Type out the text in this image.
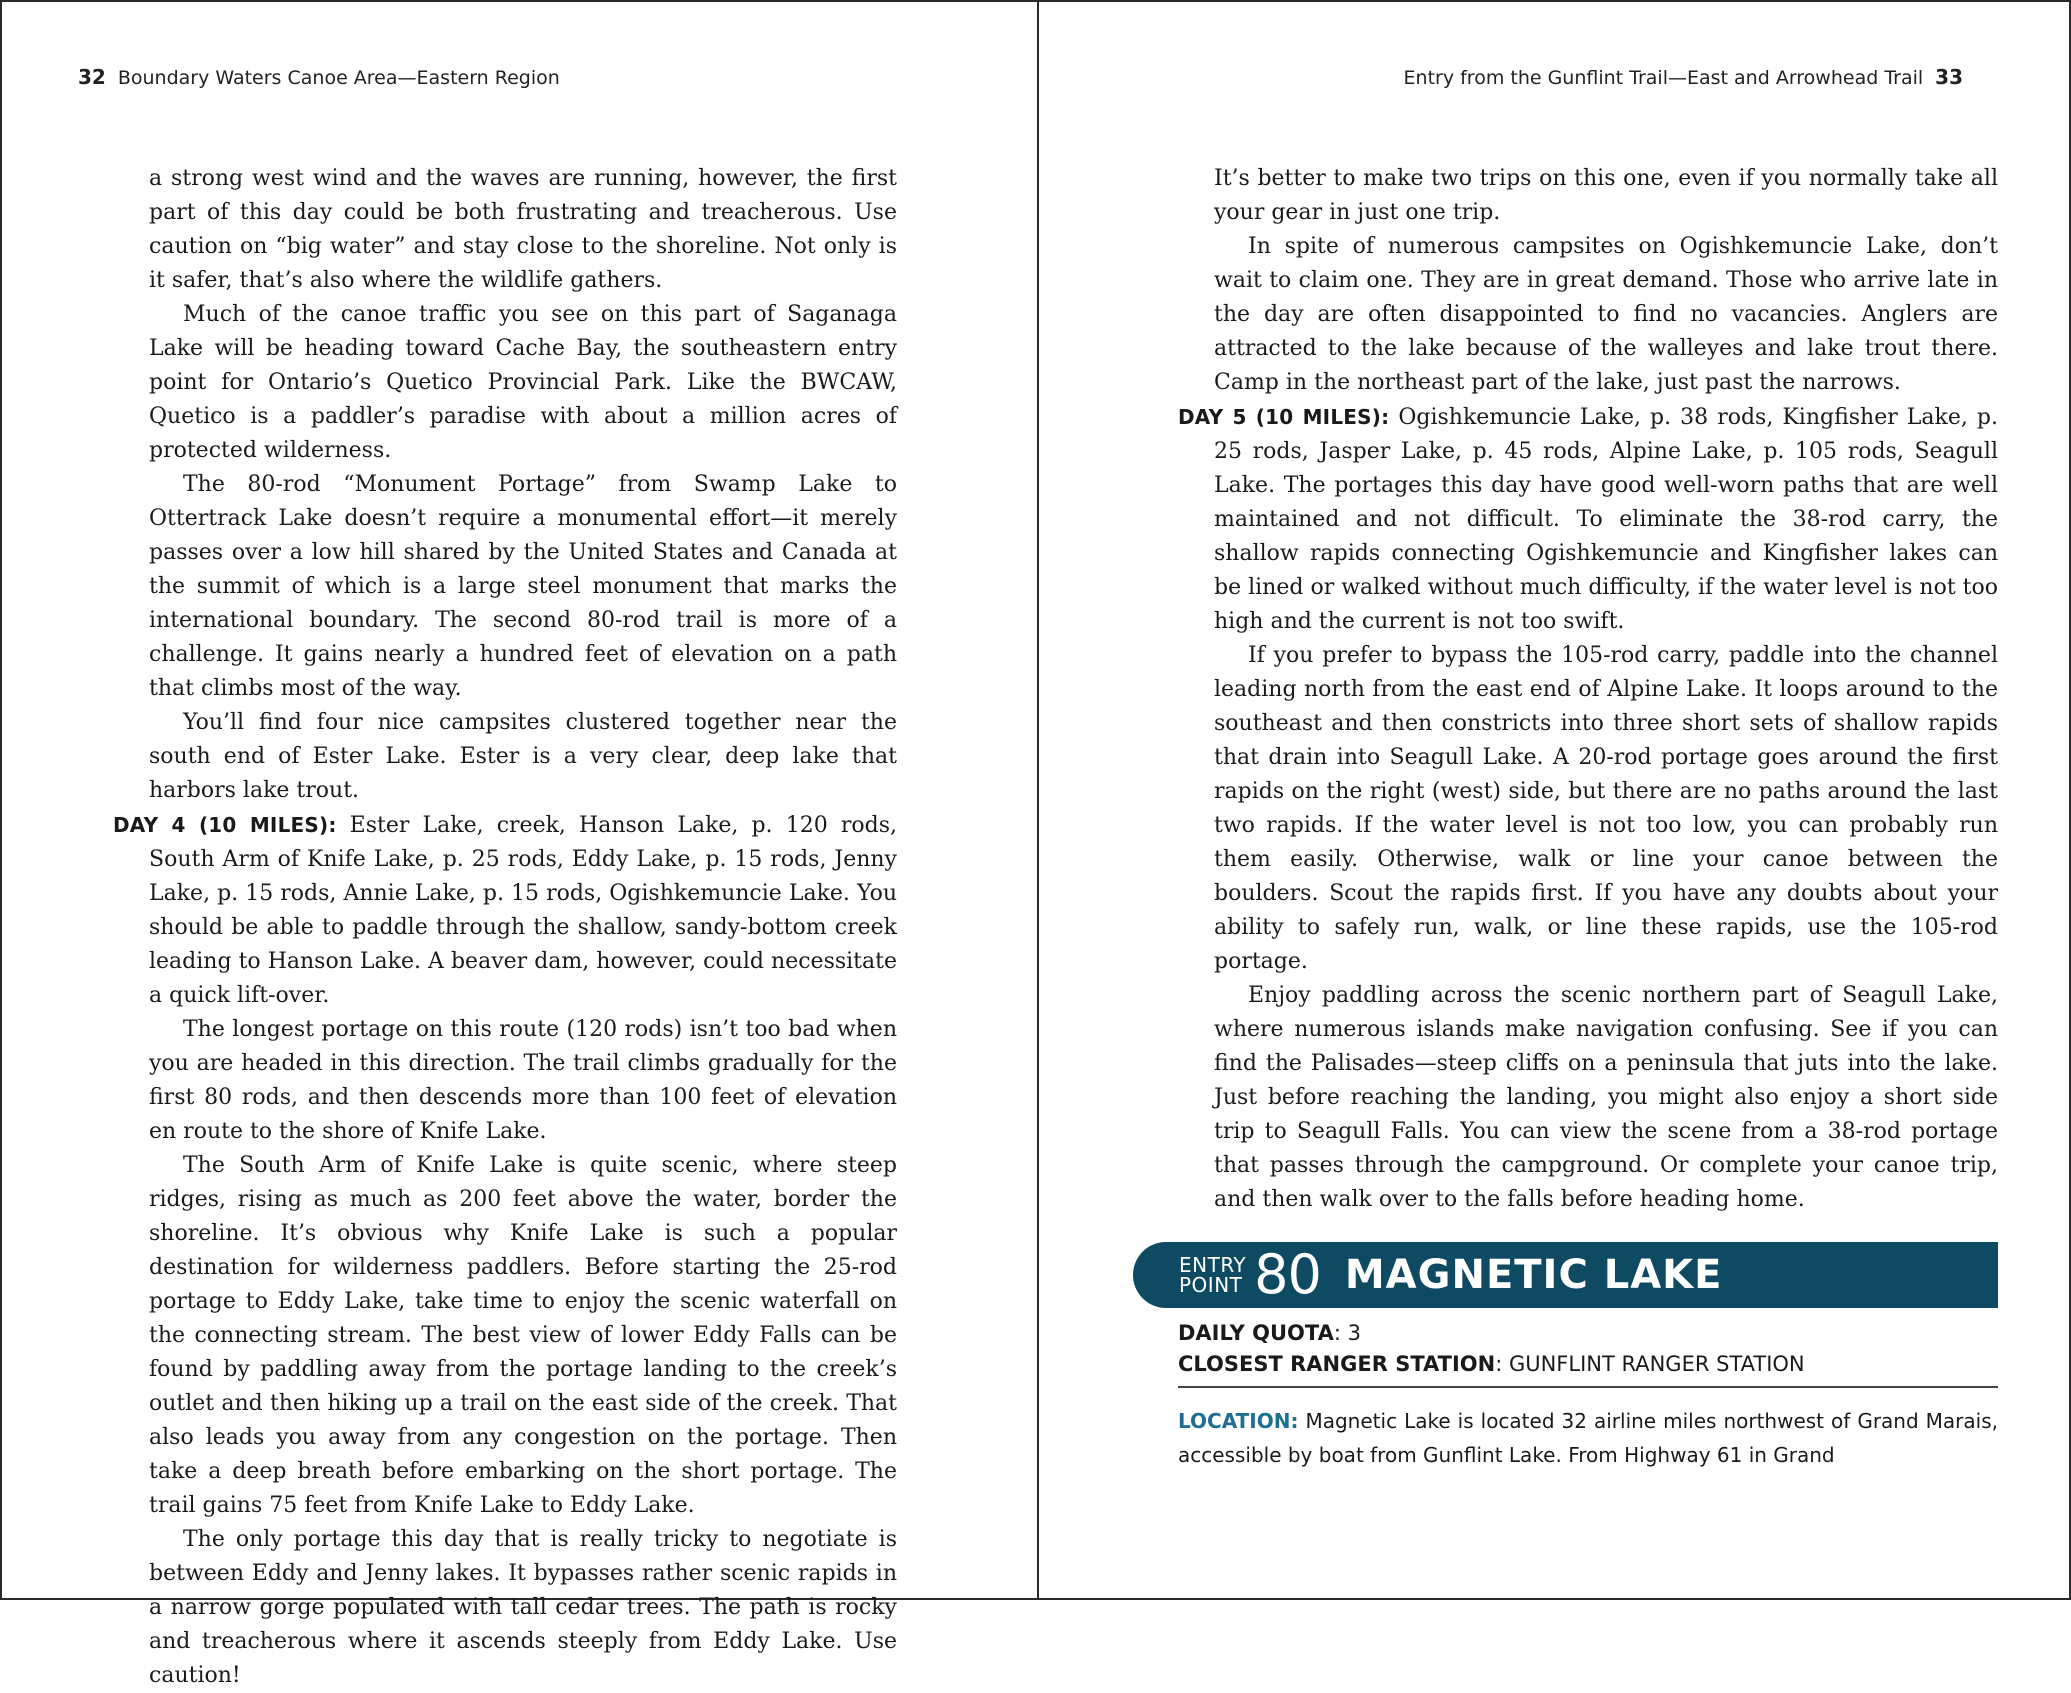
32 Boundary Waters Canoe Area—Eastern Region

a strong west wind and the waves are running, however, the first part of this day could be both frustrating and treacherous. Use caution on “big water” and stay close to the shoreline. Not only is it safer, that’s also where the wildlife gathers.

Much of the canoe traffic you see on this part of Saganaga Lake will be heading toward Cache Bay, the southeastern entry point for Ontario’s Quetico Provincial Park. Like the BWCAW, Quetico is a paddler’s paradise with about a million acres of protected wilderness.

The 80-rod “Monument Portage” from Swamp Lake to Ottertrack Lake doesn’t require a monumental effort—it merely passes over a low hill shared by the United States and Canada at the summit of which is a large steel monument that marks the international boundary. The second 80-rod trail is more of a challenge. It gains nearly a hundred feet of elevation on a path that climbs most of the way.

You’ll find four nice campsites clustered together near the south end of Ester Lake. Ester is a very clear, deep lake that harbors lake trout.

DAY 4 (10 MILES): Ester Lake, creek, Hanson Lake, p. 120 rods, South Arm of Knife Lake, p. 25 rods, Eddy Lake, p. 15 rods, Jenny Lake, p. 15 rods, Annie Lake, p. 15 rods, Ogishkemuncie Lake. You should be able to paddle through the shallow, sandy-bottom creek leading to Hanson Lake. A beaver dam, however, could necessitate a quick lift-over.

The longest portage on this route (120 rods) isn’t too bad when you are headed in this direction. The trail climbs gradually for the first 80 rods, and then descends more than 100 feet of elevation en route to the shore of Knife Lake.

The South Arm of Knife Lake is quite scenic, where steep ridges, rising as much as 200 feet above the water, border the shoreline. It’s obvious why Knife Lake is such a popular destination for wilderness paddlers. Before starting the 25-rod portage to Eddy Lake, take time to enjoy the scenic waterfall on the connecting stream. The best view of lower Eddy Falls can be found by paddling away from the portage landing to the creek’s outlet and then hiking up a trail on the east side of the creek. That also leads you away from any congestion on the portage. Then take a deep breath before embarking on the short portage. The trail gains 75 feet from Knife Lake to Eddy Lake.

The only portage this day that is really tricky to negotiate is between Eddy and Jenny lakes. It bypasses rather scenic rapids in a narrow gorge populated with tall cedar trees. The path is rocky and treacherous where it ascends steeply from Eddy Lake. Use caution!

Entry from the Gunflint Trail—East and Arrowhead Trail 33

It’s better to make two trips on this one, even if you normally take all your gear in just one trip.

In spite of numerous campsites on Ogishkemuncie Lake, don’t wait to claim one. They are in great demand. Those who arrive late in the day are often disappointed to find no vacancies. Anglers are attracted to the lake because of the walleyes and lake trout there. Camp in the northeast part of the lake, just past the narrows.

DAY 5 (10 MILES): Ogishkemuncie Lake, p. 38 rods, Kingfisher Lake, p. 25 rods, Jasper Lake, p. 45 rods, Alpine Lake, p. 105 rods, Seagull Lake. The portages this day have good well-worn paths that are well maintained and not difficult. To eliminate the 38-rod carry, the shallow rapids connecting Ogishkemuncie and Kingfisher lakes can be lined or walked without much difficulty, if the water level is not too high and the current is not too swift.

If you prefer to bypass the 105-rod carry, paddle into the channel leading north from the east end of Alpine Lake. It loops around to the southeast and then constricts into three short sets of shallow rapids that drain into Seagull Lake. A 20-rod portage goes around the first rapids on the right (west) side, but there are no paths around the last two rapids. If the water level is not too low, you can probably run them easily. Otherwise, walk or line your canoe between the boulders. Scout the rapids first. If you have any doubts about your ability to safely run, walk, or line these rapids, use the 105-rod portage.

Enjoy paddling across the scenic northern part of Seagull Lake, where numerous islands make navigation confusing. See if you can find the Palisades—steep cliffs on a peninsula that juts into the lake. Just before reaching the landing, you might also enjoy a short side trip to Seagull Falls. You can view the scene from a 38-rod portage that passes through the campground. Or complete your canoe trip, and then walk over to the falls before heading home.

ENTRY
POINT 80 MAGNETIC LAKE
DAILY QUOTA: 3
CLOSEST RANGER STATION: GUNFLINT RANGER STATION
LOCATION: Magnetic Lake is located 32 airline miles northwest of Grand Marais, accessible by boat from Gunflint Lake. From Highway 61 in Grand
